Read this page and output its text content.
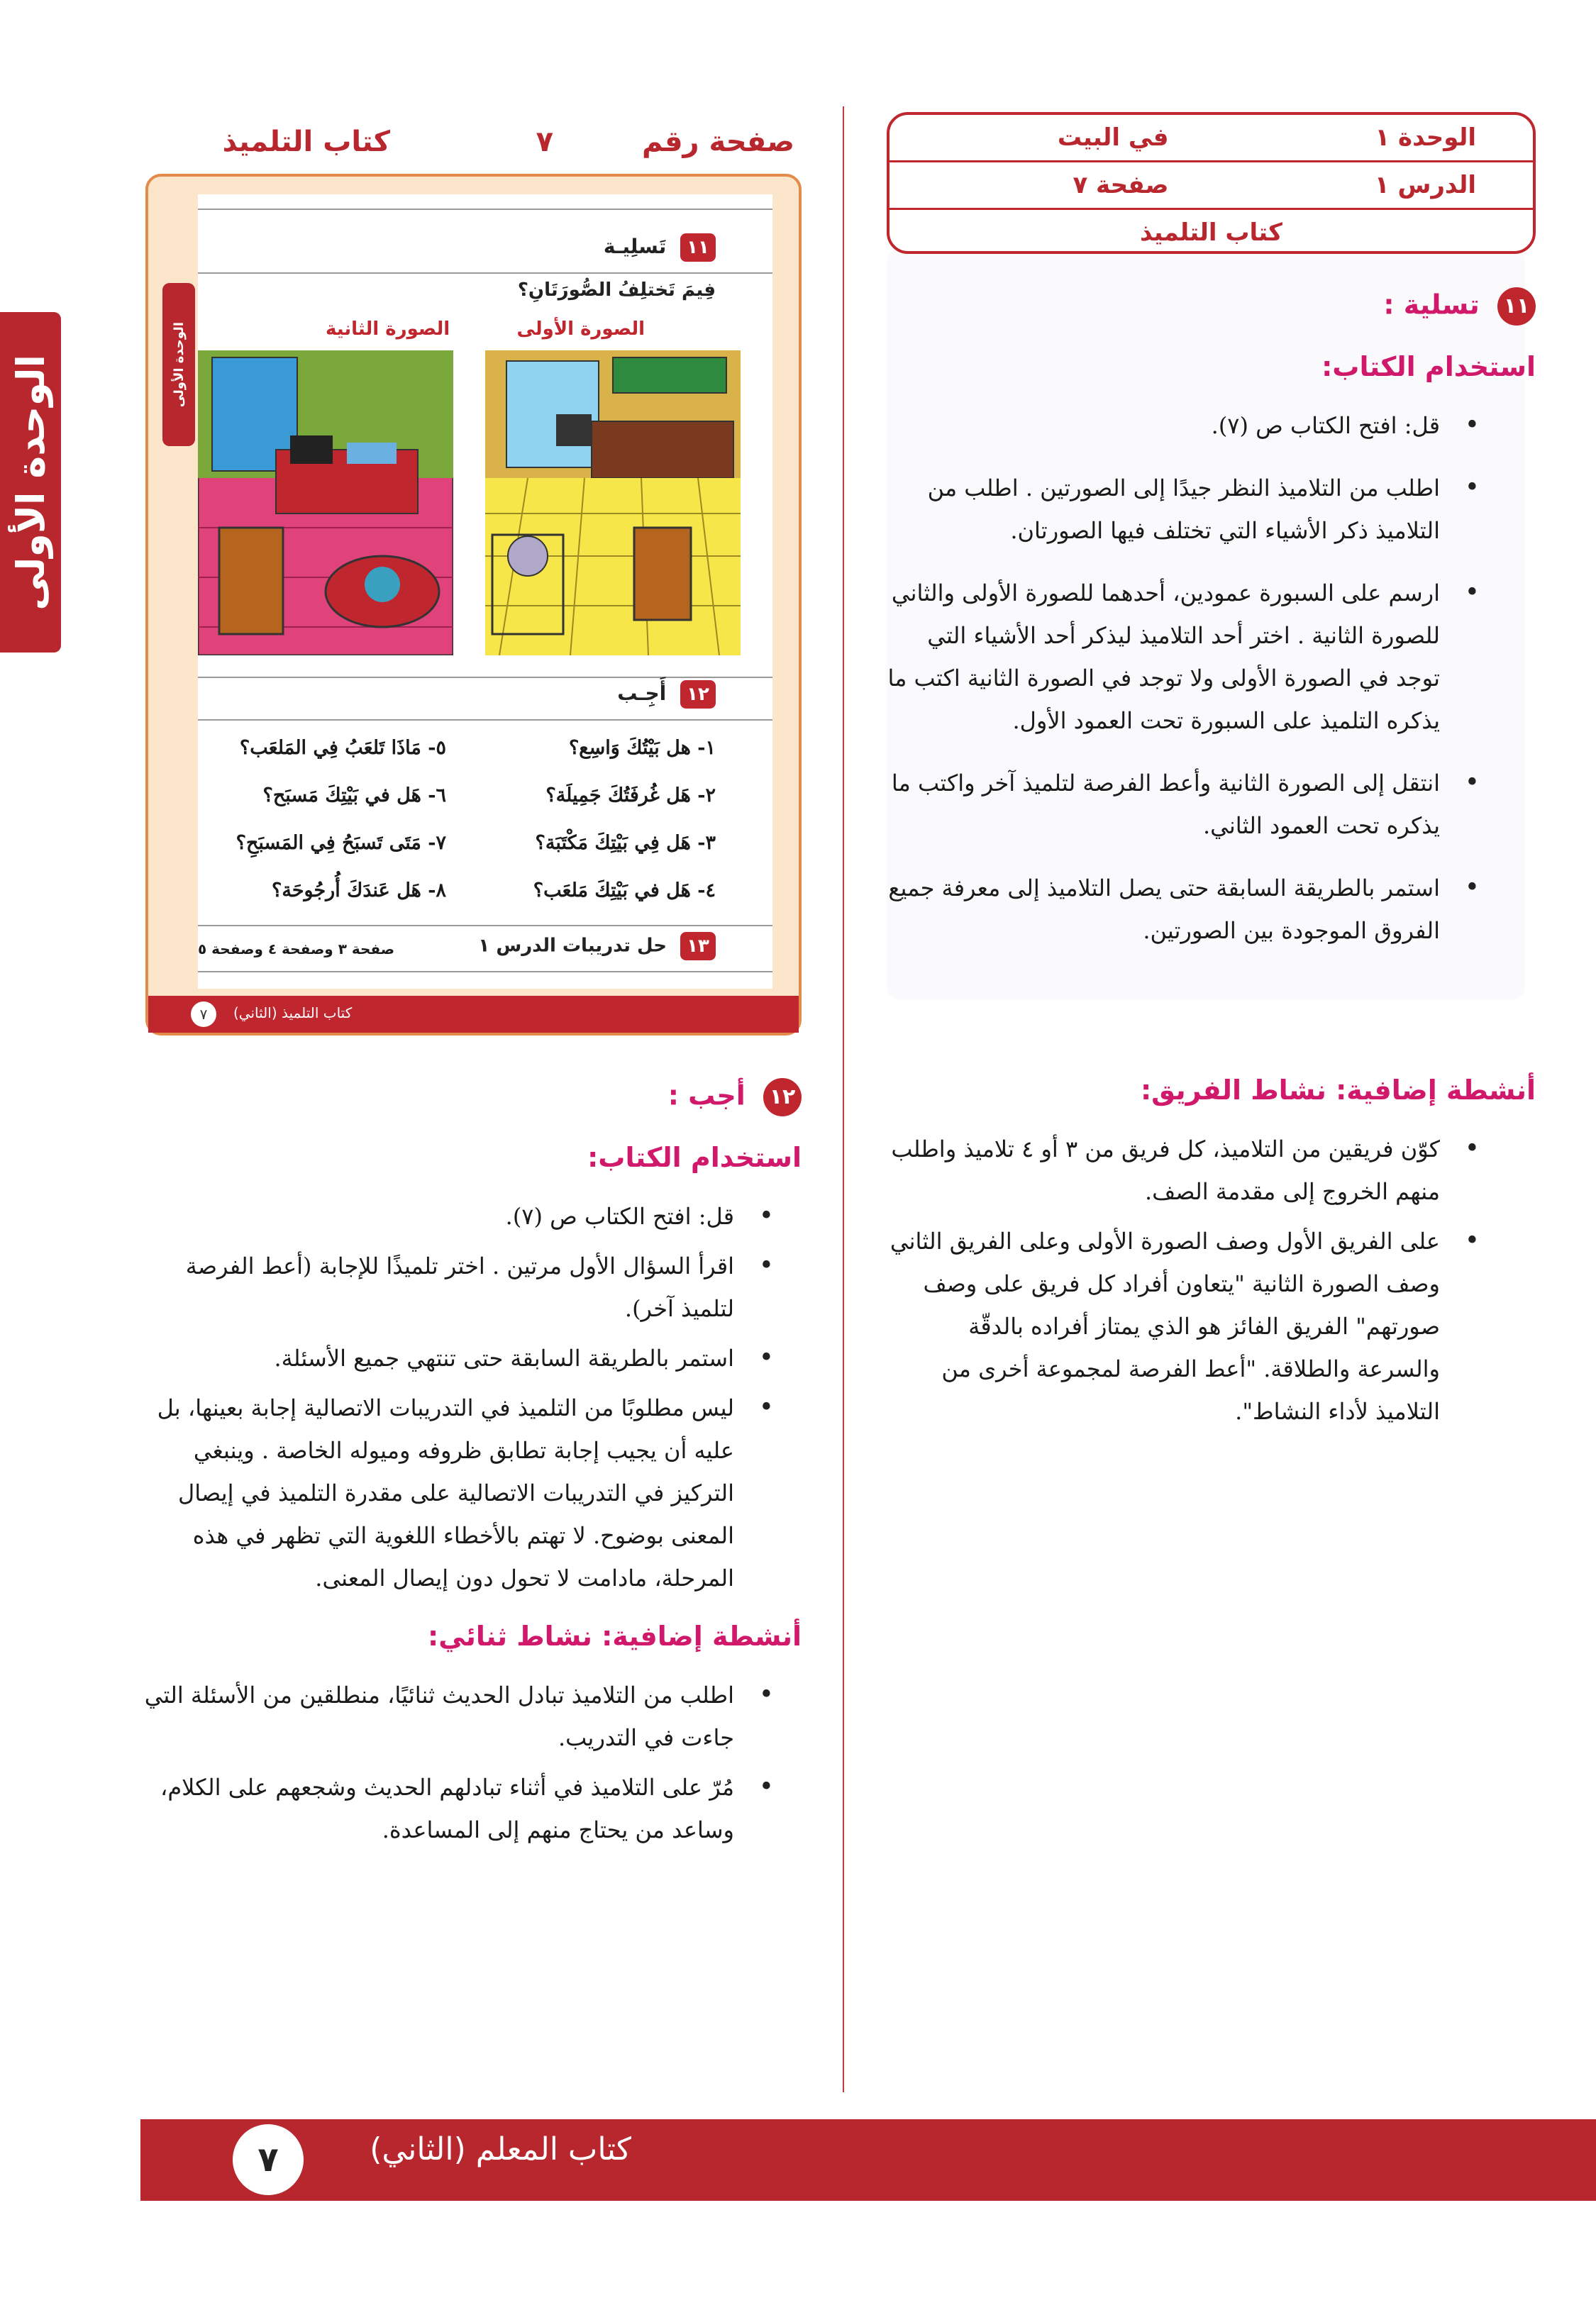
الوحدة الأولى
الوحدة ١
في البيت
الدرس ١
صفحة ٧
كتاب التلميذ
١١ تسلية :
استخدام الكتاب:
• قل: افتح الكتاب ص (٧).
• اطلب من التلاميذ النظر جيدًا إلى الصورتين . اطلب من التلاميذ ذكر الأشياء التي تختلف فيها الصورتان.
• ارسم على السبورة عمودين، أحدهما للصورة الأولى والثاني للصورة الثانية . اختر أحد التلاميذ ليذكر أحد الأشياء التي توجد في الصورة الأولى ولا توجد في الصورة الثانية اكتب ما يذكره التلميذ على السبورة تحت العمود الأول.
• انتقل إلى الصورة الثانية وأعط الفرصة لتلميذ آخر واكتب ما يذكره تحت العمود الثاني.
• استمر بالطريقة السابقة حتى يصل التلاميذ إلى معرفة جميع الفروق الموجودة بين الصورتين.
أنشطة إضافية: نشاط الفريق:
• كوّن فريقين من التلاميذ، كل فريق من ٣ أو ٤ تلاميذ واطلب منهم الخروج إلى مقدمة الصف.
• على الفريق الأول وصف الصورة الأولى وعلى الفريق الثاني وصف الصورة الثانية "يتعاون أفراد كل فريق على وصف صورتهم" الفريق الفائز هو الذي يمتاز أفراده بالدقّة والسرعة والطلاقة. "أعط الفرصة لمجموعة أخرى من التلاميذ لأداء النشاط".
صفحة رقم
٧
كتاب التلميذ
الوحدة الأولى
١١ تَسلِيـة
فِيمَ تَختلِفُ الصُّورَتَانِ؟
الصورة الأولى
الصورة الثانية
١٢ أَجِـب
١- هل بَيْتُكَ وَاسِع؟
٢- هَل غُرفَتُكَ جَمِيلَة؟
٣- هَل فِي بَيْتِكَ مَكْتَبَة؟
٤- هَل في بَيْتِكَ مَلعَب؟
٥- مَاذَا تَلعَبُ فِي المَلعَب؟
٦- هَل في بَيْتِكَ مَسبَح؟
٧- مَتَى تَسبَحُ فِي المَسبَحِ؟
٨- هَل عَندَكَ أُرجُوحَة؟
١٣ حل تدريبات الدرس ١
صفحة ٣ وصفحة ٤ وصفحة ٥
٧	كتاب التلميذ (الثاني)
١٢ أجب :
استخدام الكتاب:
• قل: افتح الكتاب ص (٧).
• اقرأ السؤال الأول مرتين . اختر تلميذًا للإجابة (أعط الفرصة لتلميذ آخر).
• استمر بالطريقة السابقة حتى تنتهي جميع الأسئلة.
• ليس مطلوبًا من التلميذ في التدريبات الاتصالية إجابة بعينها، بل عليه أن يجيب إجابة تطابق ظروفه وميوله الخاصة . وينبغي التركيز في التدريبات الاتصالية على مقدرة التلميذ في إيصال المعنى بوضوح. لا تهتم بالأخطاء اللغوية التي تظهر في هذه المرحلة، مادامت لا تحول دون إيصال المعنى.
أنشطة إضافية: نشاط ثنائي:
• اطلب من التلاميذ تبادل الحديث ثنائيًا، منطلقين من الأسئلة التي جاءت في التدريب.
• مُرّ على التلاميذ في أثناء تبادلهم الحديث وشجعهم على الكلام، وساعد من يحتاج منهم إلى المساعدة.
كتاب المعلم (الثاني)
٧
